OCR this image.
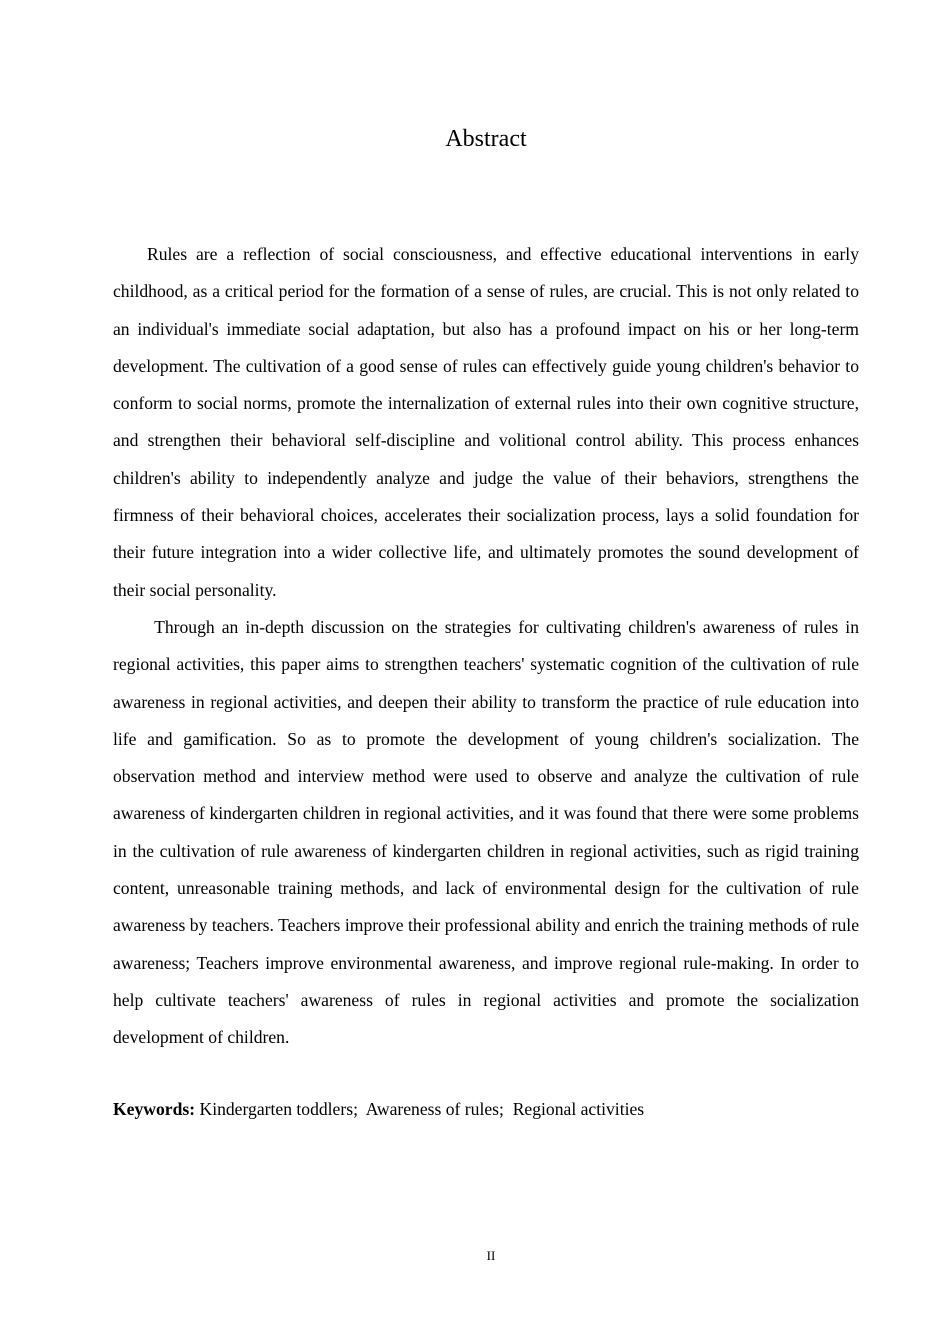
Abstract

Rules are a reflection of social consciousness, and effective educational interventions in early childhood, as a critical period for the formation of a sense of rules, are crucial. This is not only related to an individual's immediate social adaptation, but also has a profound impact on his or her long-term development. The cultivation of a good sense of rules can effectively guide young children's behavior to conform to social norms, promote the internalization of external rules into their own cognitive structure, and strengthen their behavioral self-discipline and volitional control ability. This process enhances children's ability to independently analyze and judge the value of their behaviors, strengthens the firmness of their behavioral choices, accelerates their socialization process, lays a solid foundation for their future integration into a wider collective life, and ultimately promotes the sound development of their social personality.

Through an in-depth discussion on the strategies for cultivating children's awareness of rules in regional activities, this paper aims to strengthen teachers' systematic cognition of the cultivation of rule awareness in regional activities, and deepen their ability to transform the practice of rule education into life and gamification. So as to promote the development of young children's socialization. The observation method and interview method were used to observe and analyze the cultivation of rule awareness of kindergarten children in regional activities, and it was found that there were some problems in the cultivation of rule awareness of kindergarten children in regional activities, such as rigid training content, unreasonable training methods, and lack of environmental design for the cultivation of rule awareness by teachers. Teachers improve their professional ability and enrich the training methods of rule awareness; Teachers improve environmental awareness, and improve regional rule-making. In order to help cultivate teachers' awareness of rules in regional activities and promote the socialization development of children.

Keywords: Kindergarten toddlers;  Awareness of rules;  Regional activities

II
